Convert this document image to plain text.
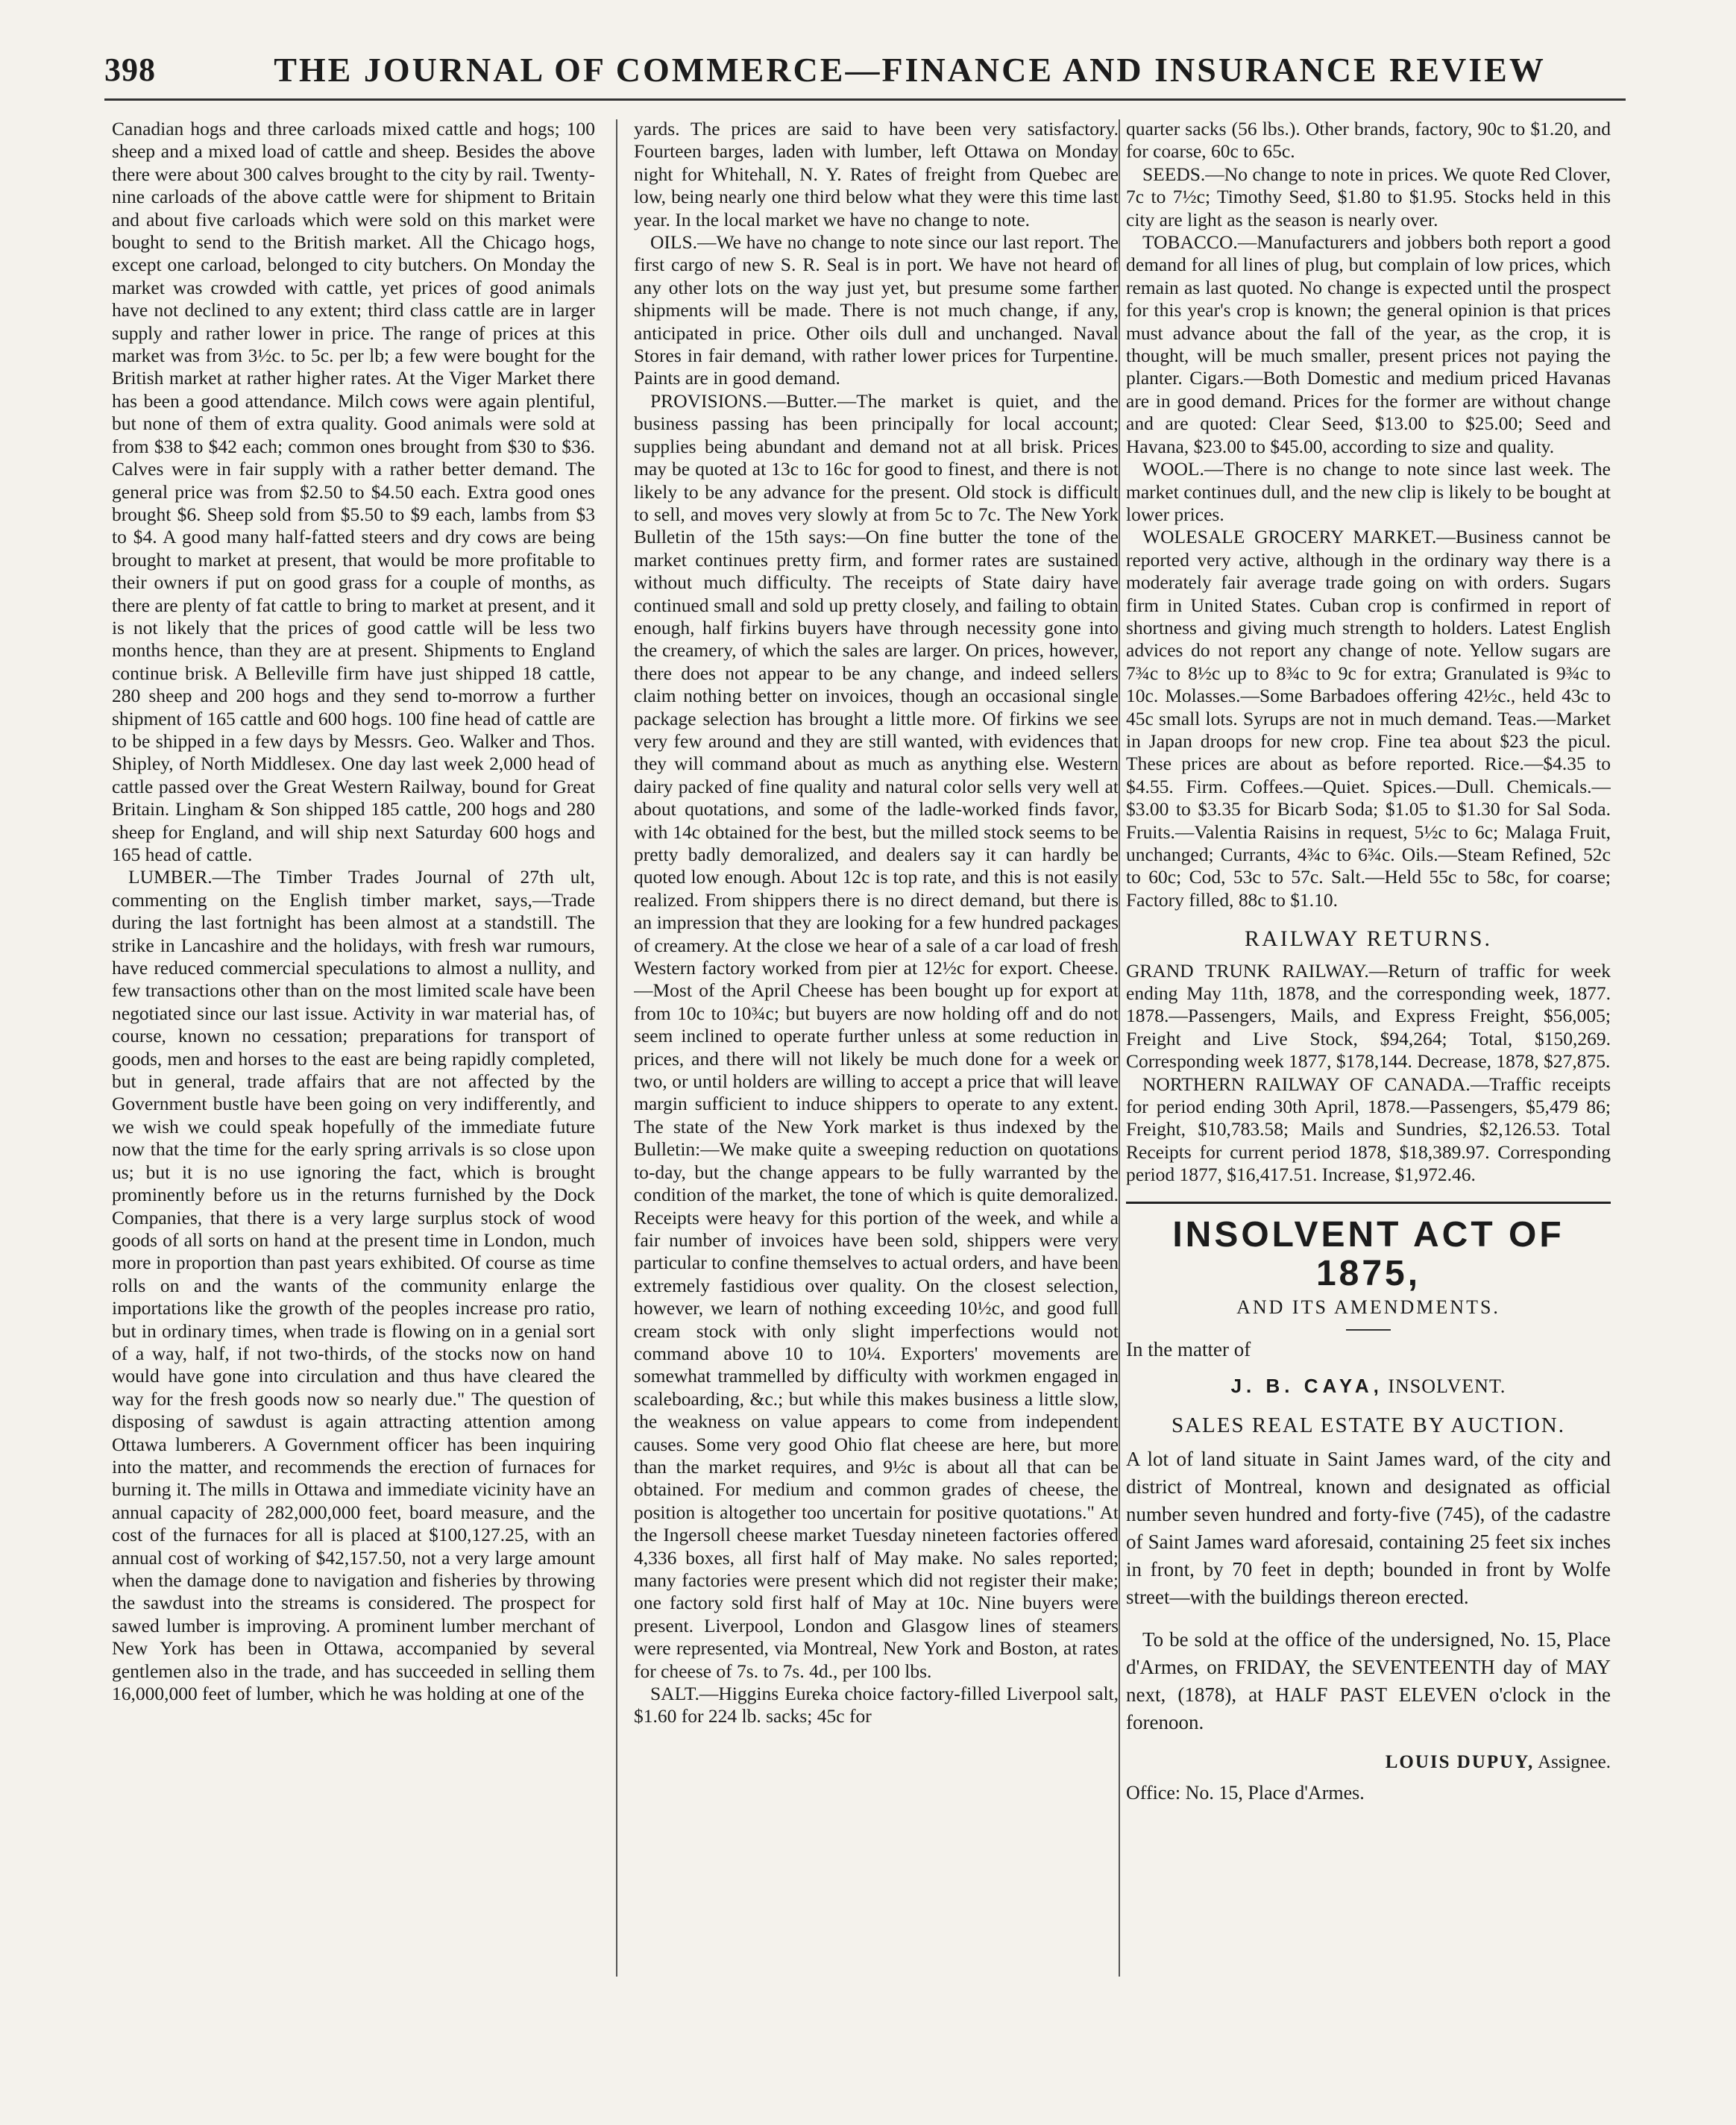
398	THE JOURNAL OF COMMERCE—FINANCE AND INSURANCE REVIEW

Canadian hogs and three carloads mixed cattle and hogs; 100 sheep and a mixed load of cattle and sheep. Besides the above there were about 300 calves brought to the city by rail. Twenty-nine carloads of the above cattle were for shipment to Britain and about five carloads which were sold on this market were bought to send to the British market. All the Chicago hogs, except one carload, belonged to city butchers. On Monday the market was crowded with cattle, yet prices of good animals have not declined to any extent; third class cattle are in larger supply and rather lower in price. The range of prices at this market was from 3½c. to 5c. per lb; a few were bought for the British market at rather higher rates. At the Viger Market there has been a good attendance. Milch cows were again plentiful, but none of them of extra quality. Good animals were sold at from $38 to $42 each; common ones brought from $30 to $36. Calves were in fair supply with a rather better demand. The general price was from $2.50 to $4.50 each. Extra good ones brought $6. Sheep sold from $5.50 to $9 each, lambs from $3 to $4. A good many half-fatted steers and dry cows are being brought to market at present, that would be more profitable to their owners if put on good grass for a couple of months, as there are plenty of fat cattle to bring to market at present, and it is not likely that the prices of good cattle will be less two months hence, than they are at present. Shipments to England continue brisk. A Belleville firm have just shipped 18 cattle, 280 sheep and 200 hogs and they send to-morrow a further shipment of 165 cattle and 600 hogs. 100 fine head of cattle are to be shipped in a few days by Messrs. Geo. Walker and Thos. Shipley, of North Middlesex. One day last week 2,000 head of cattle passed over the Great Western Railway, bound for Great Britain. Lingham & Son shipped 185 cattle, 200 hogs and 280 sheep for England, and will ship next Saturday 600 hogs and 165 head of cattle.

LUMBER.—The Timber Trades Journal of 27th ult, commenting on the English timber market, says,—Trade during the last fortnight has been almost at a standstill. The strike in Lancashire and the holidays, with fresh war rumours, have reduced commercial speculations to almost a nullity, and few transactions other than on the most limited scale have been negotiated since our last issue. Activity in war material has, of course, known no cessation; preparations for transport of goods, men and horses to the east are being rapidly completed, but in general, trade affairs that are not affected by the Government bustle have been going on very indifferently, and we wish we could speak hopefully of the immediate future now that the time for the early spring arrivals is so close upon us; but it is no use ignoring the fact, which is brought prominently before us in the returns furnished by the Dock Companies, that there is a very large surplus stock of wood goods of all sorts on hand at the present time in London, much more in proportion than past years exhibited. Of course as time rolls on and the wants of the community enlarge the importations like the growth of the peoples increase pro ratio, but in ordinary times, when trade is flowing on in a genial sort of a way, half, if not two-thirds, of the stocks now on hand would have gone into circulation and thus have cleared the way for the fresh goods now so nearly due." The question of disposing of sawdust is again attracting attention among Ottawa lumberers. A Government officer has been inquiring into the matter, and recommends the erection of furnaces for burning it. The mills in Ottawa and immediate vicinity have an annual capacity of 282,000,000 feet, board measure, and the cost of the furnaces for all is placed at $100,127.25, with an annual cost of working of $42,157.50, not a very large amount when the damage done to navigation and fisheries by throwing the sawdust into the streams is considered. The prospect for sawed lumber is improving. A prominent lumber merchant of New York has been in Ottawa, accompanied by several gentlemen also in the trade, and has succeeded in selling them 16,000,000 feet of lumber, which he was holding at one of the

yards. The prices are said to have been very satisfactory. Fourteen barges, laden with lumber, left Ottawa on Monday night for Whitehall, N. Y. Rates of freight from Quebec are low, being nearly one third below what they were this time last year. In the local market we have no change to note.

OILS.—We have no change to note since our last report. The first cargo of new S. R. Seal is in port. We have not heard of any other lots on the way just yet, but presume some farther shipments will be made. There is not much change, if any, anticipated in price. Other oils dull and unchanged. Naval Stores in fair demand, with rather lower prices for Turpentine. Paints are in good demand.

PROVISIONS.—Butter.—The market is quiet, and the business passing has been principally for local account; supplies being abundant and demand not at all brisk. Prices may be quoted at 13c to 16c for good to finest, and there is not likely to be any advance for the present. Old stock is difficult to sell, and moves very slowly at from 5c to 7c. The New York Bulletin of the 15th says:—On fine butter the tone of the market continues pretty firm, and former rates are sustained without much difficulty. The receipts of State dairy have continued small and sold up pretty closely, and failing to obtain enough, half firkins buyers have through necessity gone into the creamery, of which the sales are larger. On prices, however, there does not appear to be any change, and indeed sellers claim nothing better on invoices, though an occasional single package selection has brought a little more. Of firkins we see very few around and they are still wanted, with evidences that they will command about as much as anything else. Western dairy packed of fine quality and natural color sells very well at about quotations, and some of the ladle-worked finds favor, with 14c obtained for the best, but the milled stock seems to be pretty badly demoralized, and dealers say it can hardly be quoted low enough. About 12c is top rate, and this is not easily realized. From shippers there is no direct demand, but there is an impression that they are looking for a few hundred packages of creamery. At the close we hear of a sale of a car load of fresh Western factory worked from pier at 12½c for export. Cheese.—Most of the April Cheese has been bought up for export at from 10c to 10¾c; but buyers are now holding off and do not seem inclined to operate further unless at some reduction in prices, and there will not likely be much done for a week or two, or until holders are willing to accept a price that will leave margin sufficient to induce shippers to operate to any extent. The state of the New York market is thus indexed by the Bulletin:—We make quite a sweeping reduction on quotations to-day, but the change appears to be fully warranted by the condition of the market, the tone of which is quite demoralized. Receipts were heavy for this portion of the week, and while a fair number of invoices have been sold, shippers were very particular to confine themselves to actual orders, and have been extremely fastidious over quality. On the closest selection, however, we learn of nothing exceeding 10½c, and good full cream stock with only slight imperfections would not command above 10 to 10¼. Exporters' movements are somewhat trammelled by difficulty with workmen engaged in scaleboarding, &c.; but while this makes business a little slow, the weakness on value appears to come from independent causes. Some very good Ohio flat cheese are here, but more than the market requires, and 9½c is about all that can be obtained. For medium and common grades of cheese, the position is altogether too uncertain for positive quotations." At the Ingersoll cheese market Tuesday nineteen factories offered 4,336 boxes, all first half of May make. No sales reported; many factories were present which did not register their make; one factory sold first half of May at 10c. Nine buyers were present. Liverpool, London and Glasgow lines of steamers were represented, via Montreal, New York and Boston, at rates for cheese of 7s. to 7s. 4d., per 100 lbs.

SALT.—Higgins Eureka choice factory-filled Liverpool salt, $1.60 for 224 lb. sacks; 45c for

quarter sacks (56 lbs.). Other brands, factory, 90c to $1.20, and for coarse, 60c to 65c.

SEEDS.—No change to note in prices. We quote Red Clover, 7c to 7½c; Timothy Seed, $1.80 to $1.95. Stocks held in this city are light as the season is nearly over.

TOBACCO.—Manufacturers and jobbers both report a good demand for all lines of plug, but complain of low prices, which remain as last quoted. No change is expected until the prospect for this year's crop is known; the general opinion is that prices must advance about the fall of the year, as the crop, it is thought, will be much smaller, present prices not paying the planter. Cigars.—Both Domestic and medium priced Havanas are in good demand. Prices for the former are without change and are quoted: Clear Seed, $13.00 to $25.00; Seed and Havana, $23.00 to $45.00, according to size and quality.

WOOL.—There is no change to note since last week. The market continues dull, and the new clip is likely to be bought at lower prices.

WOLESALE GROCERY MARKET.—Business cannot be reported very active, although in the ordinary way there is a moderately fair average trade going on with orders. Sugars firm in United States. Cuban crop is confirmed in report of shortness and giving much strength to holders. Latest English advices do not report any change of note. Yellow sugars are 7¾c to 8½c up to 8¾c to 9c for extra; Granulated is 9¾c to 10c. Molasses.—Some Barbadoes offering 42½c., held 43c to 45c small lots. Syrups are not in much demand. Teas.—Market in Japan droops for new crop. Fine tea about $23 the picul. These prices are about as before reported. Rice.—$4.35 to $4.55. Firm. Coffees.—Quiet. Spices.—Dull. Chemicals.—$3.00 to $3.35 for Bicarb Soda; $1.05 to $1.30 for Sal Soda. Fruits.—Valentia Raisins in request, 5½c to 6c; Malaga Fruit, unchanged; Currants, 4¾c to 6¾c. Oils.—Steam Refined, 52c to 60c; Cod, 53c to 57c. Salt.—Held 55c to 58c, for coarse; Factory filled, 88c to $1.10.

RAILWAY RETURNS.

GRAND TRUNK RAILWAY.—Return of traffic for week ending May 11th, 1878, and the corresponding week, 1877. 1878.—Passengers, Mails, and Express Freight, $56,005; Freight and Live Stock, $94,264; Total, $150,269. Corresponding week 1877, $178,144. Decrease, 1878, $27,875.

NORTHERN RAILWAY OF CANADA.—Traffic receipts for period ending 30th April, 1878.—Passengers, $5,479 86; Freight, $10,783.58; Mails and Sundries, $2,126.53. Total Receipts for current period 1878, $18,389.97. Corresponding period 1877, $16,417.51. Increase, $1,972.46.

INSOLVENT ACT OF 1875,
AND ITS AMENDMENTS.
In the matter of
J. B. CAYA, INSOLVENT.
SALES REAL ESTATE BY AUCTION.

A lot of land situate in Saint James ward, of the city and district of Montreal, known and designated as official number seven hundred and forty-five (745), of the cadastre of Saint James ward aforesaid, containing 25 feet six inches in front, by 70 feet in depth; bounded in front by Wolfe street—with the buildings thereon erected.

To be sold at the office of the undersigned, No. 15, Place d'Armes, on FRIDAY, the SEVENTEENTH day of MAY next, (1878), at HALF PAST ELEVEN o'clock in the forenoon.

LOUIS DUPUY, Assignee.
Office: No. 15, Place d'Armes.
